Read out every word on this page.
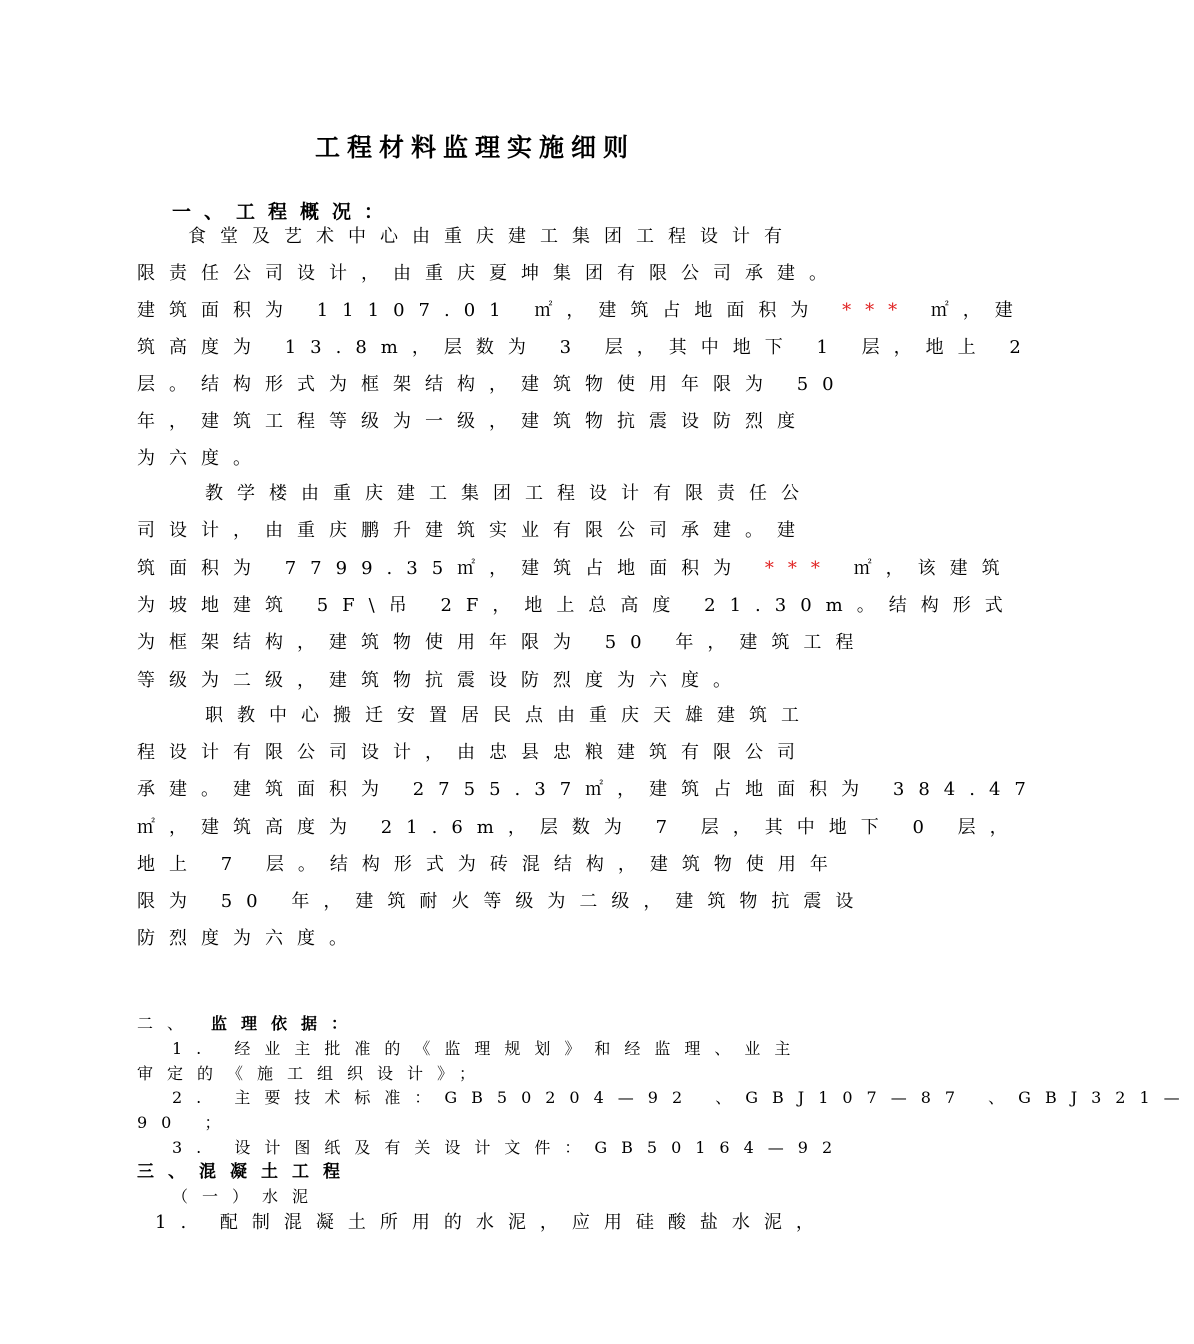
工程材料监理实施细则
一、工程概况：
食堂及艺术中心由重庆建工集团工程设计有
限责任公司设计，由重庆夏坤集团有限公司承建。
建筑面积为 11107.01 ㎡，建筑占地面积为 *** ㎡，建
筑高度为 13.8m，层数为 3 层，其中地下 1 层，地上 2
层。结构形式为框架结构，建筑物使用年限为 50
年，建筑工程等级为一级，建筑物抗震设防烈度
为六度。
教学楼由重庆建工集团工程设计有限责任公
司设计，由重庆鹏升建筑实业有限公司承建。建
筑面积为 7799.35㎡，建筑占地面积为 *** ㎡，该建筑
为坡地建筑 5F\吊 2F，地上总高度 21.30m。结构形式
为框架结构，建筑物使用年限为 50 年，建筑工程
等级为二级，建筑物抗震设防烈度为六度。
职教中心搬迁安置居民点由重庆天雄建筑工
程设计有限公司设计，由忠县忠粮建筑有限公司
承建。建筑面积为 2755.37㎡，建筑占地面积为 384.47
㎡，建筑高度为 21.6m，层数为 7 层，其中地下 0 层，
地上 7 层。结构形式为砖混结构，建筑物使用年
限为 50 年，建筑耐火等级为二级，建筑物抗震设
防烈度为六度。
二、 监理依据：
1. 经业主批准的《监理规划》和经监理、业主
审定的《施工组织设计》；
2. 主要技术标准：GB50204—92 、GBJ107—87 、GBJ321—
90 ；
3. 设计图纸及有关设计文件：GB50164—92
三、混凝土工程
（一）水泥
1. 配制混凝土所用的水泥，应用硅酸盐水泥，
